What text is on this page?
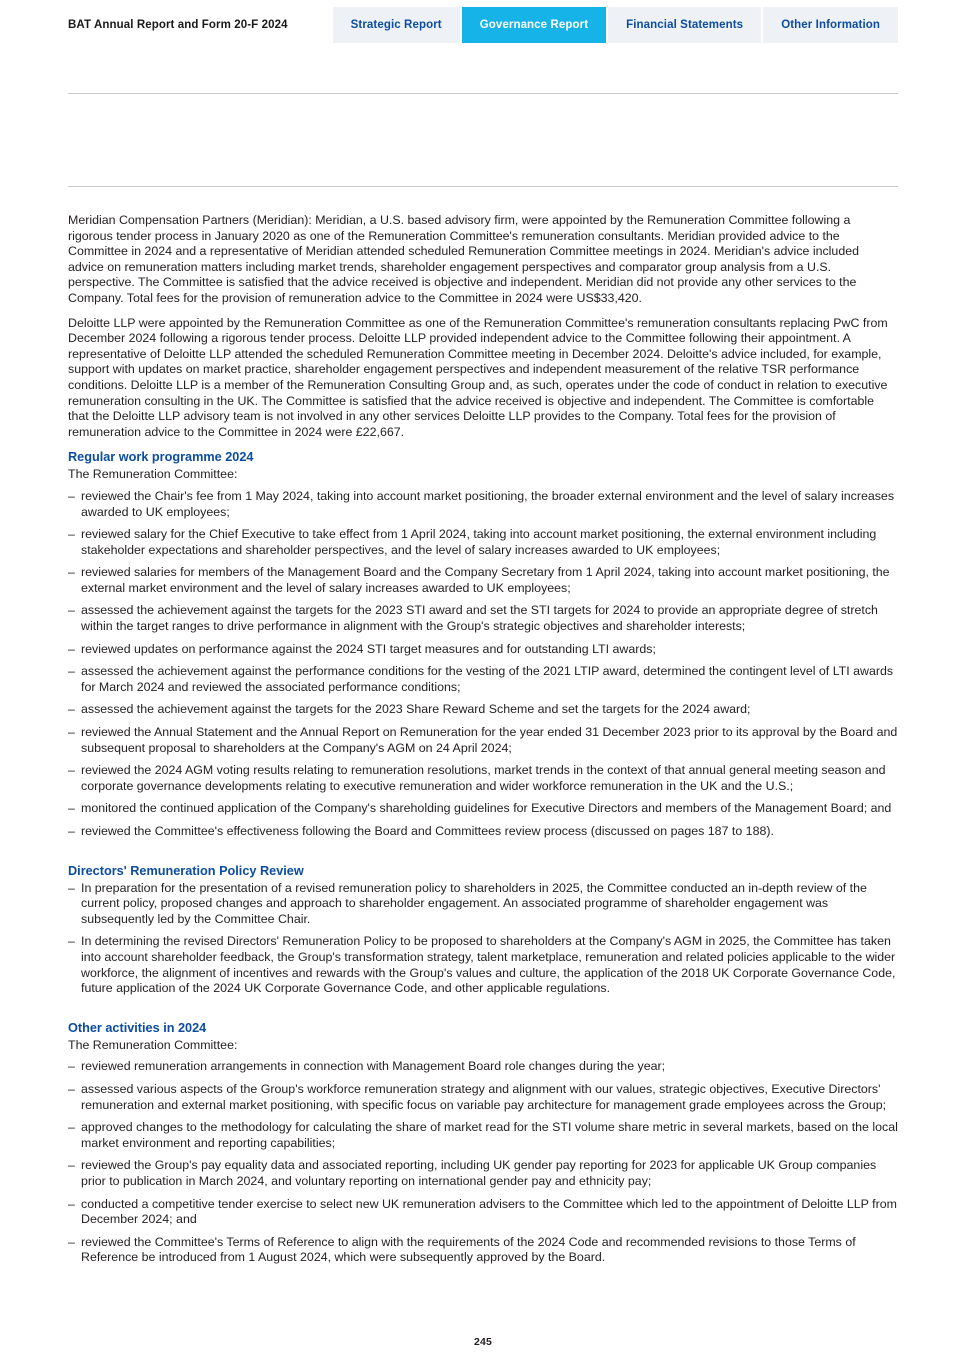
BAT Annual Report and Form 20-F 2024	Strategic Report	Governance Report	Financial Statements	Other Information

Meridian Compensation Partners (Meridian): Meridian, a U.S. based advisory firm, were appointed by the Remuneration Committee following a rigorous tender process in January 2020 as one of the Remuneration Committee's remuneration consultants. Meridian provided advice to the Committee in 2024 and a representative of Meridian attended scheduled Remuneration Committee meetings in 2024. Meridian's advice included advice on remuneration matters including market trends, shareholder engagement perspectives and comparator group analysis from a U.S. perspective. The Committee is satisfied that the advice received is objective and independent. Meridian did not provide any other services to the Company. Total fees for the provision of remuneration advice to the Committee in 2024 were US$33,420.

Deloitte LLP were appointed by the Remuneration Committee as one of the Remuneration Committee's remuneration consultants replacing PwC from December 2024 following a rigorous tender process. Deloitte LLP provided independent advice to the Committee following their appointment. A representative of Deloitte LLP attended the scheduled Remuneration Committee meeting in December 2024. Deloitte's advice included, for example, support with updates on market practice, shareholder engagement perspectives and independent measurement of the relative TSR performance conditions. Deloitte LLP is a member of the Remuneration Consulting Group and, as such, operates under the code of conduct in relation to executive remuneration consulting in the UK. The Committee is satisfied that the advice received is objective and independent. The Committee is comfortable that the Deloitte LLP advisory team is not involved in any other services Deloitte LLP provides to the Company. Total fees for the provision of remuneration advice to the Committee in 2024 were £22,667.

Regular work programme 2024

The Remuneration Committee:

– reviewed the Chair's fee from 1 May 2024, taking into account market positioning, the broader external environment and the level of salary increases awarded to UK employees;
– reviewed salary for the Chief Executive to take effect from 1 April 2024, taking into account market positioning, the external environment including stakeholder expectations and shareholder perspectives, and the level of salary increases awarded to UK employees;
– reviewed salaries for members of the Management Board and the Company Secretary from 1 April 2024, taking into account market positioning, the external market environment and the level of salary increases awarded to UK employees;
– assessed the achievement against the targets for the 2023 STI award and set the STI targets for 2024 to provide an appropriate degree of stretch within the target ranges to drive performance in alignment with the Group's strategic objectives and shareholder interests;
– reviewed updates on performance against the 2024 STI target measures and for outstanding LTI awards;
– assessed the achievement against the performance conditions for the vesting of the 2021 LTIP award, determined the contingent level of LTI awards for March 2024 and reviewed the associated performance conditions;
– assessed the achievement against the targets for the 2023 Share Reward Scheme and set the targets for the 2024 award;
– reviewed the Annual Statement and the Annual Report on Remuneration for the year ended 31 December 2023 prior to its approval by the Board and subsequent proposal to shareholders at the Company's AGM on 24 April 2024;
– reviewed the 2024 AGM voting results relating to remuneration resolutions, market trends in the context of that annual general meeting season and corporate governance developments relating to executive remuneration and wider workforce remuneration in the UK and the U.S.;
– monitored the continued application of the Company's shareholding guidelines for Executive Directors and members of the Management Board; and
– reviewed the Committee's effectiveness following the Board and Committees review process (discussed on pages 187 to 188).
Directors' Remuneration Policy Review
– In preparation for the presentation of a revised remuneration policy to shareholders in 2025, the Committee conducted an in-depth review of the current policy, proposed changes and approach to shareholder engagement. An associated programme of shareholder engagement was subsequently led by the Committee Chair.
– In determining the revised Directors' Remuneration Policy to be proposed to shareholders at the Company's AGM in 2025, the Committee has taken into account shareholder feedback, the Group's transformation strategy, talent marketplace, remuneration and related policies applicable to the wider workforce, the alignment of incentives and rewards with the Group's values and culture, the application of the 2018 UK Corporate Governance Code, future application of the 2024 UK Corporate Governance Code, and other applicable regulations.
Other activities in 2024

The Remuneration Committee:

– reviewed remuneration arrangements in connection with Management Board role changes during the year;
– assessed various aspects of the Group's workforce remuneration strategy and alignment with our values, strategic objectives, Executive Directors' remuneration and external market positioning, with specific focus on variable pay architecture for management grade employees across the Group;
– approved changes to the methodology for calculating the share of market read for the STI volume share metric in several markets, based on the local market environment and reporting capabilities;
– reviewed the Group's pay equality data and associated reporting, including UK gender pay reporting for 2023 for applicable UK Group companies prior to publication in March 2024, and voluntary reporting on international gender pay and ethnicity pay;
– conducted a competitive tender exercise to select new UK remuneration advisers to the Committee which led to the appointment of Deloitte LLP from December 2024; and
– reviewed the Committee's Terms of Reference to align with the requirements of the 2024 Code and recommended revisions to those Terms of Reference be introduced from 1 August 2024, which were subsequently approved by the Board.
245
